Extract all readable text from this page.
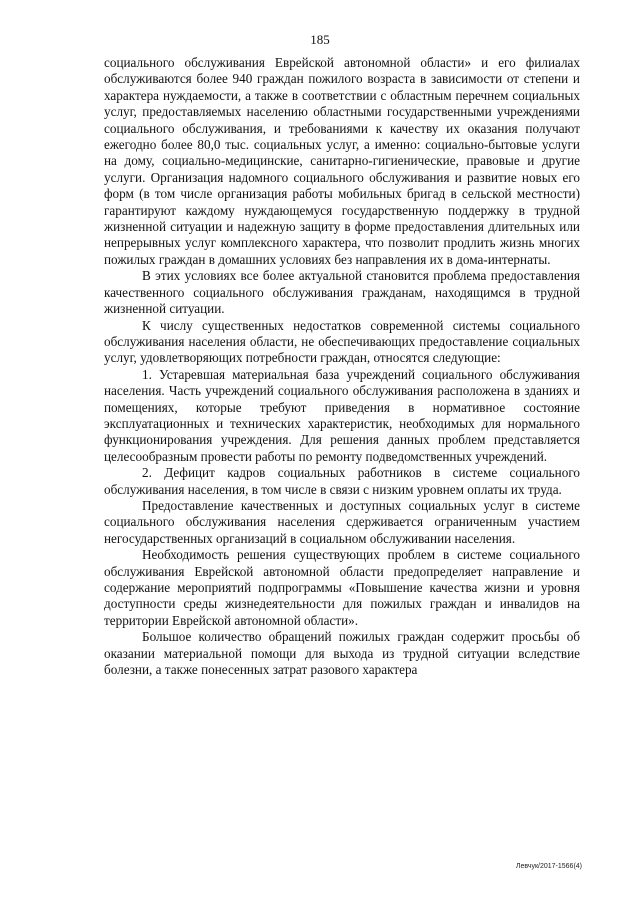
185

социального обслуживания Еврейской автономной области» и его филиалах обслуживаются более 940 граждан пожилого возраста в зависимости от степени и характера нуждаемости, а также в соответствии с областным перечнем социальных услуг, предоставляемых населению областными государственными учреждениями социального обслуживания, и требованиями к качеству их оказания получают ежегодно более 80,0 тыс. социальных услуг, а именно: социально-бытовые услуги на дому, социально-медицинские, санитарно-гигиенические, правовые и другие услуги. Организация надомного социального обслуживания и развитие новых его форм (в том числе организация работы мобильных бригад в сельской местности) гарантируют каждому нуждающемуся государственную поддержку в трудной жизненной ситуации и надежную защиту в форме предоставления длительных или непрерывных услуг комплексного характера, что позволит продлить жизнь многих пожилых граждан в домашних условиях без направления их в дома-интернаты.

В этих условиях все более актуальной становится проблема предоставления качественного социального обслуживания гражданам, находящимся в трудной жизненной ситуации.

К числу существенных недостатков современной системы социального обслуживания населения области, не обеспечивающих предоставление социальных услуг, удовлетворяющих потребности граждан, относятся следующие:

1. Устаревшая материальная база учреждений социального обслуживания населения. Часть учреждений социального обслуживания расположена в зданиях и помещениях, которые требуют приведения в нормативное состояние эксплуатационных и технических характеристик, необходимых для нормального функционирования учреждения. Для решения данных проблем представляется целесообразным провести работы по ремонту подведомственных учреждений.

2. Дефицит кадров социальных работников в системе социального обслуживания населения, в том числе в связи с низким уровнем оплаты их труда.

Предоставление качественных и доступных социальных услуг в системе социального обслуживания населения сдерживается ограниченным участием негосударственных организаций в социальном обслуживании населения.

Необходимость решения существующих проблем в системе социального обслуживания Еврейской автономной области предопределяет направление и содержание мероприятий подпрограммы «Повышение качества жизни и уровня доступности среды жизнедеятельности для пожилых граждан и инвалидов на территории Еврейской автономной области».

Большое количество обращений пожилых граждан содержит просьбы об оказании материальной помощи для выхода из трудной ситуации вследствие болезни, а также понесенных затрат разового характера

Левчук/2017-1566(4)
